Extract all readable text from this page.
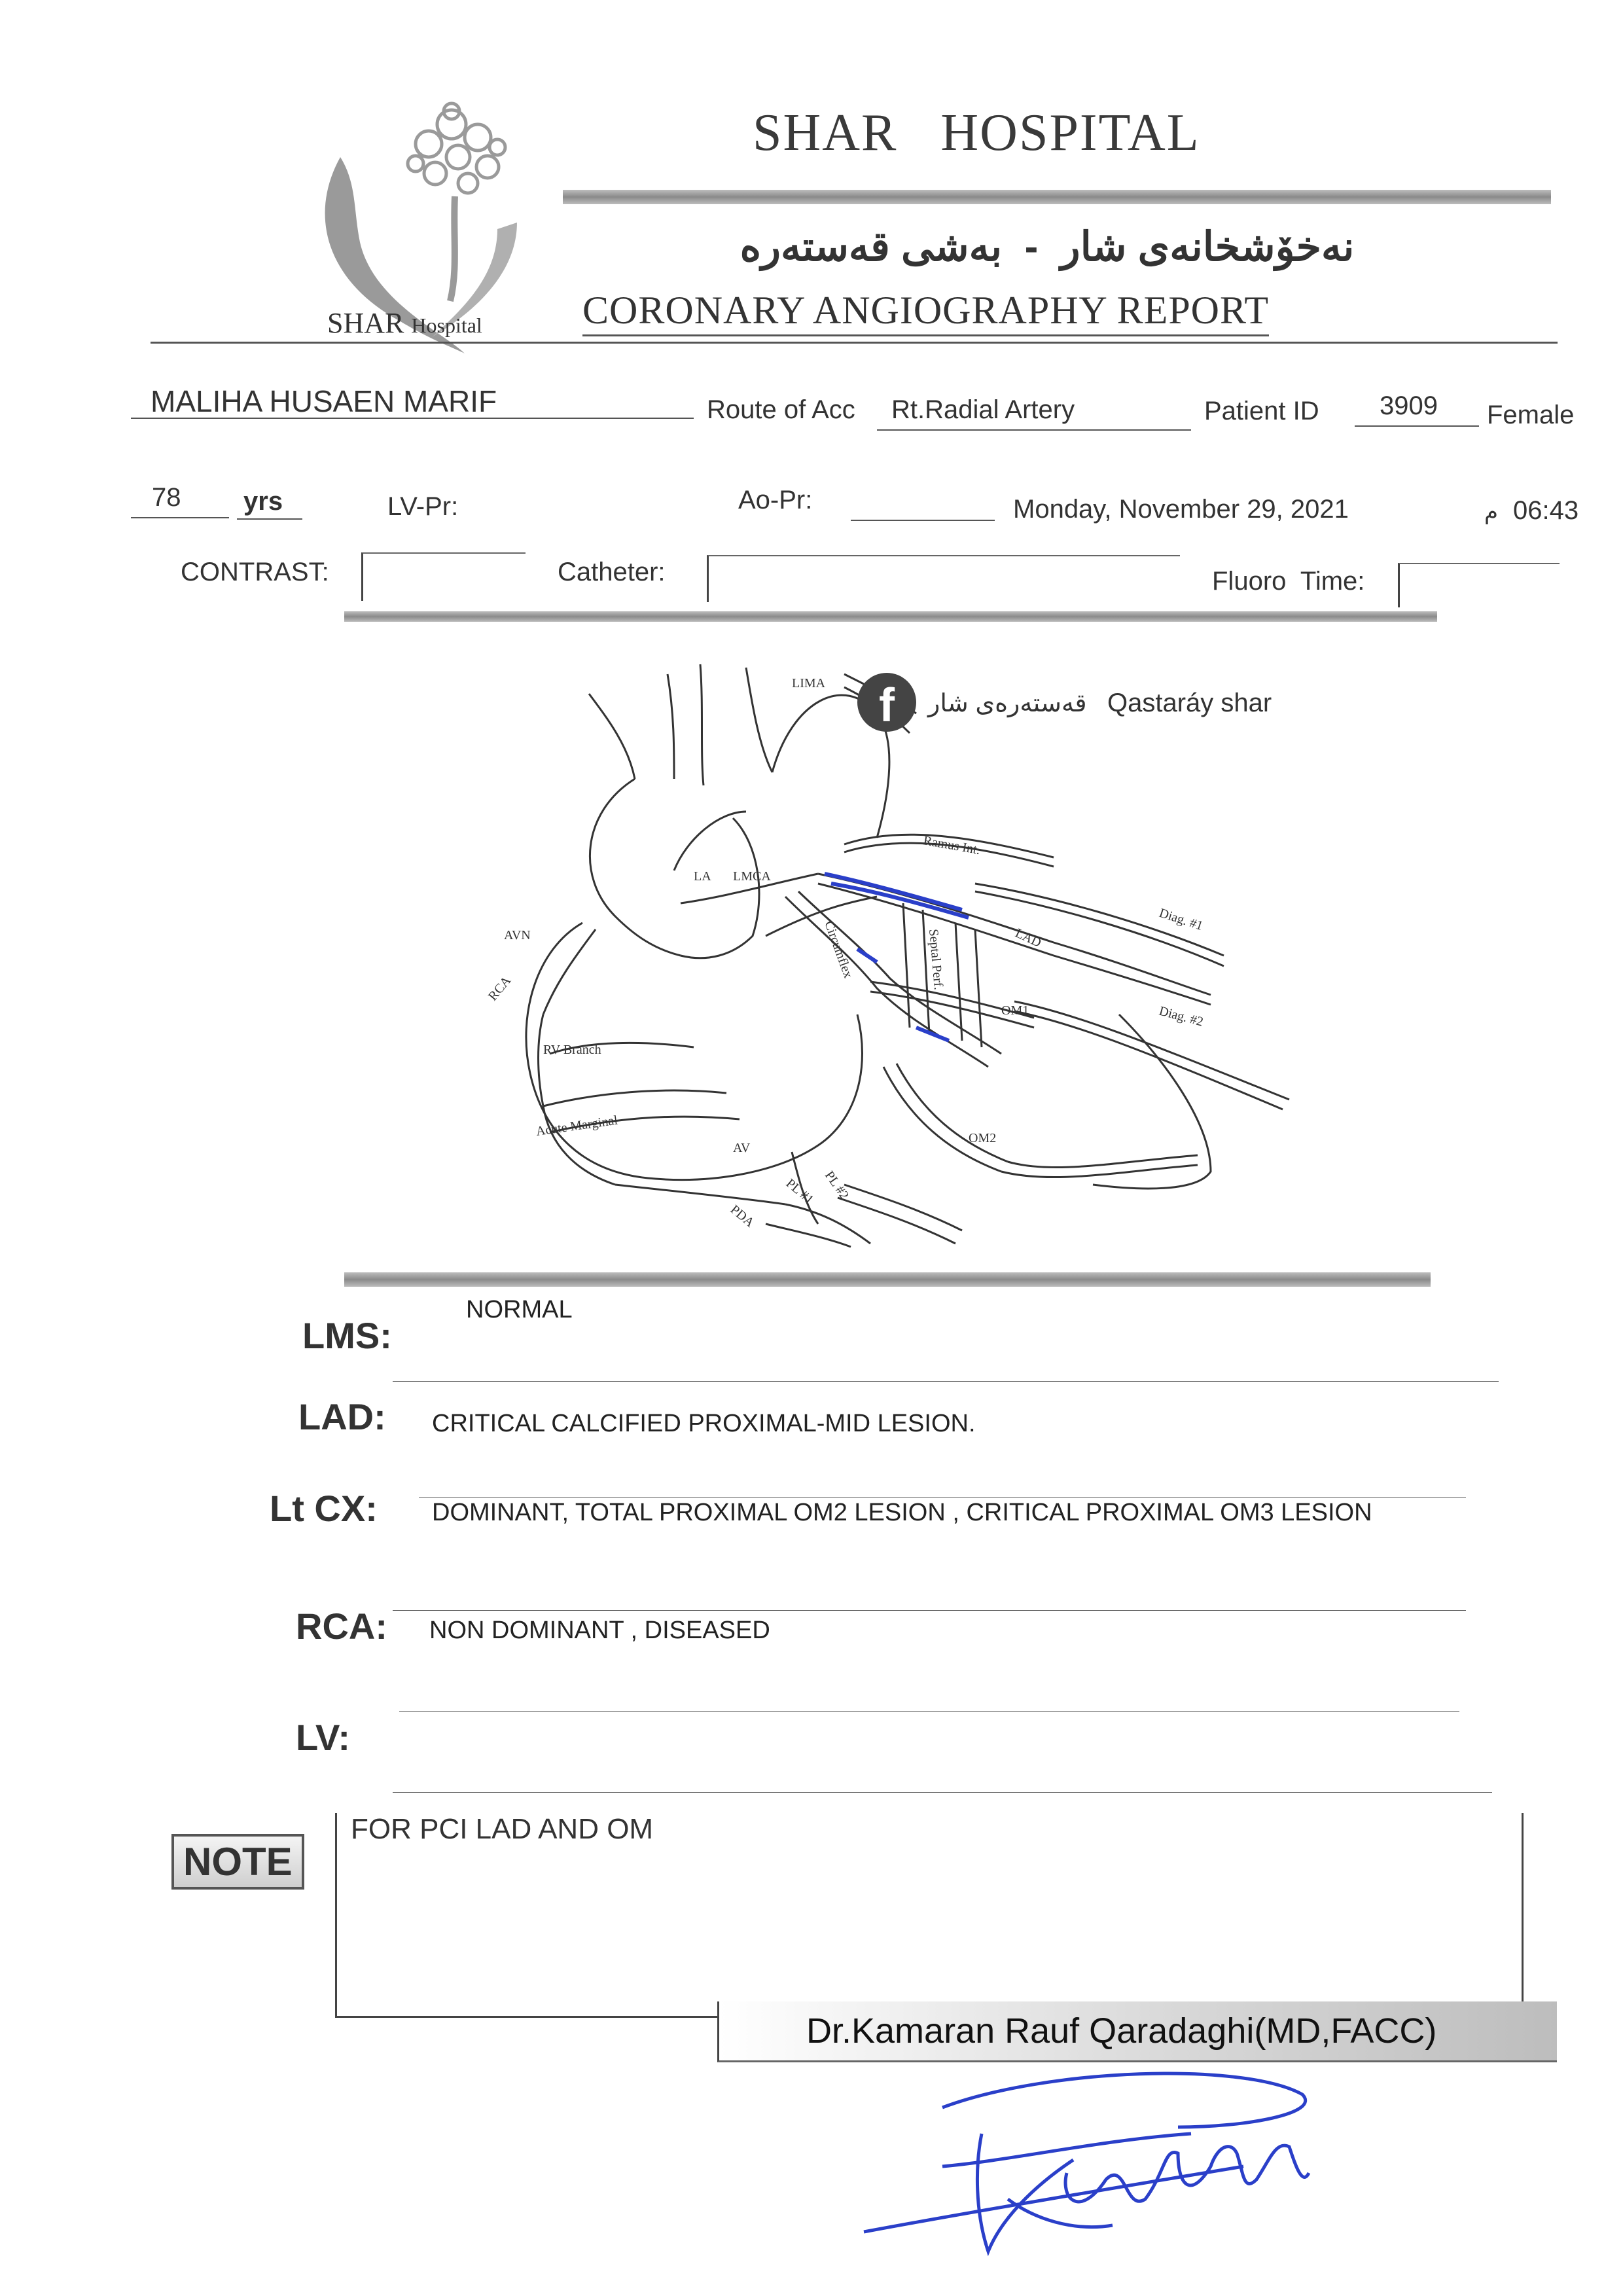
SHAR Hospital
SHAR   HOSPITAL
نەخۆشخانەی شار  -  بەشی قەستەرە
CORONARY ANGIOGRAPHY REPORT
MALIHA HUSAEN MARIF	Route of Acc Rt.Radial Artery	Patient ID 3909 Female
78 yrs	LV-Pr:	Ao-Pr:	Monday, November 29, 2021	م 06:43
CONTRAST:	Catheter:	Fluoro  Time:
LIMA
Ramus Int.
LA LMCA
Circumflex	Septal Perf.	LAD
Diag. #1
Diag. #2
OM1
OM2
AVN
RCA
RV Branch
Acute Marginal
AV
PDA
PL #1 PL #2
f	قەستەرەی شار Qastaráy shar
LMS:
NORMAL
LAD: CRITICAL CALCIFIED PROXIMAL-MID LESION.
Lt CX: DOMINANT, TOTAL PROXIMAL OM2 LESION , CRITICAL PROXIMAL OM3 LESION
RCA: NON DOMINANT , DISEASED
LV:
NOTE
FOR PCI LAD AND OM
Dr.Kamaran Rauf Qaradaghi(MD,FACC)
